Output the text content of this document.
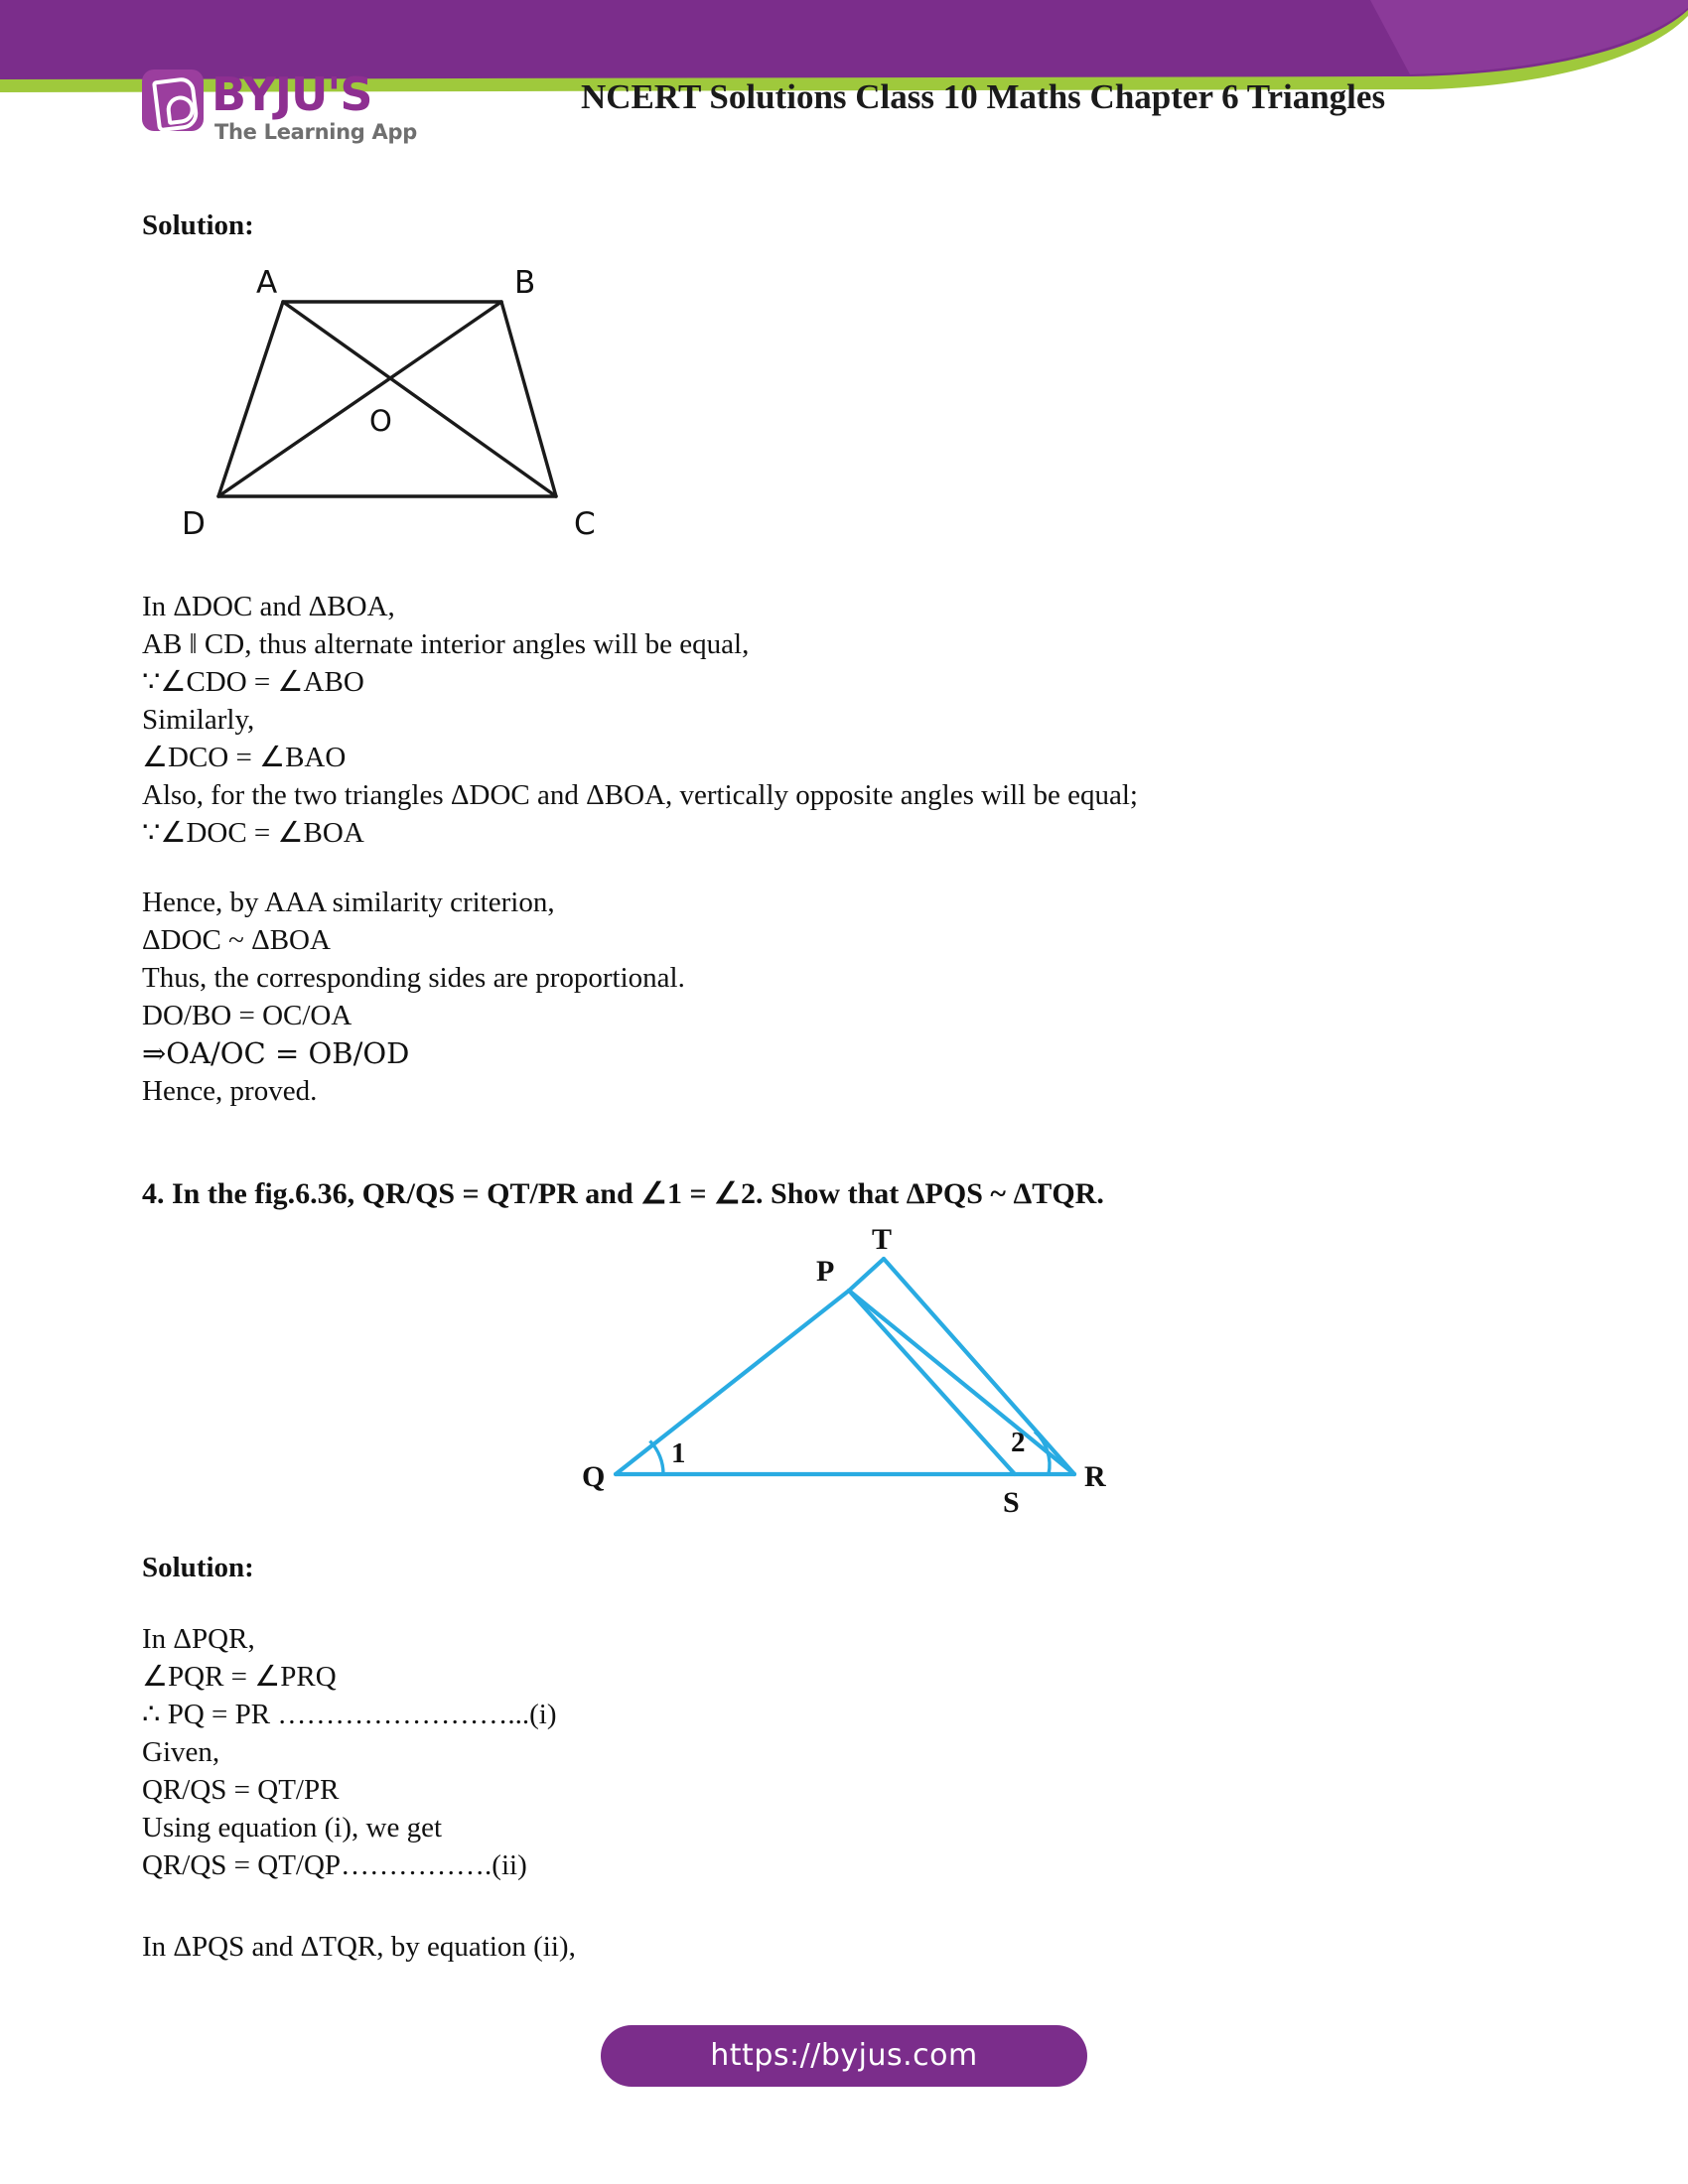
BYJU'S
The Learning App
NCERT Solutions Class 10 Maths Chapter 6 Triangles
Solution:
A	B
C
D
O
In ΔDOC and ΔBOA,
AB ‖ CD, thus alternate interior angles will be equal,
∵∠CDO = ∠ABO
Similarly,
∠DCO = ∠BAO
Also, for the two triangles ΔDOC and ΔBOA, vertically opposite angles will be equal;
∵∠DOC = ∠BOA
Hence, by AAA similarity criterion,
ΔDOC ~ ΔBOA
Thus, the corresponding sides are proportional.
DO/BO = OC/OA
⇒OA/OC = OB/OD
Hence, proved.
4. In the fig.6.36, QR/QS = QT/PR and ∠1 = ∠2. Show that ΔPQS ~ ΔTQR.
Q
P
T
S
R
1	2
Solution:
In ΔPQR,
∠PQR = ∠PRQ
∴ PQ = PR ……………………...(i)
Given,
QR/QS = QT/PR
Using equation (i), we get
QR/QS = QT/QP…………….(ii)
In ΔPQS and ΔTQR, by equation (ii),
https://byjus.com
